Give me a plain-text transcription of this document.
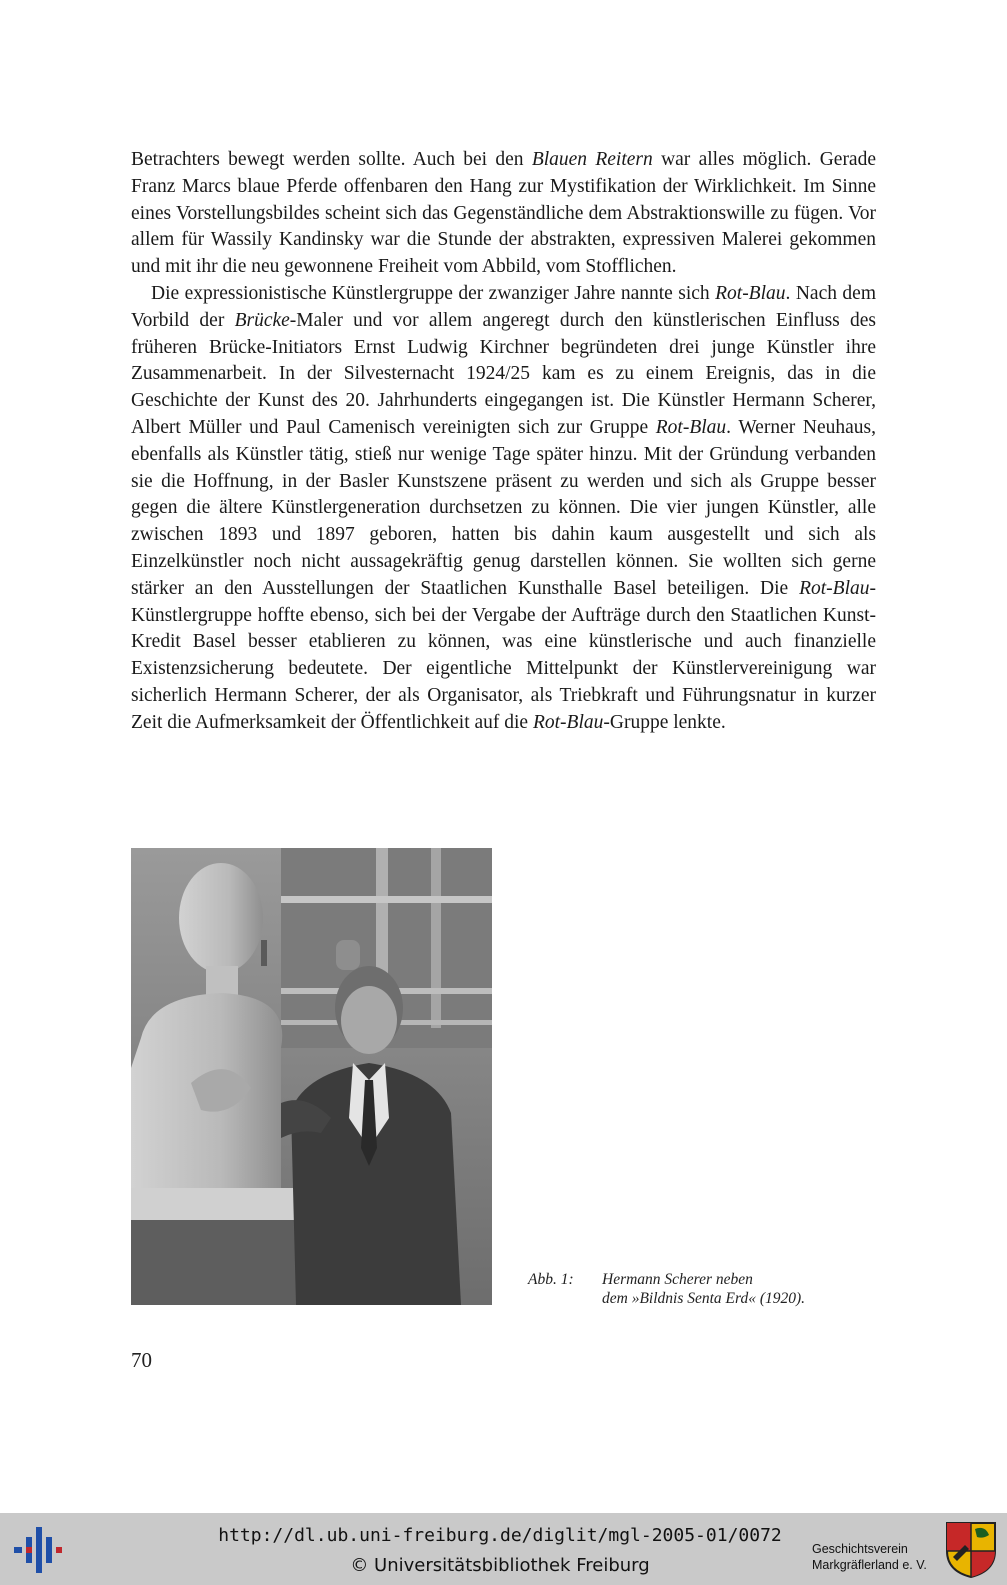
Betrachters bewegt werden sollte. Auch bei den Blauen Reitern war alles möglich. Gerade Franz Marcs blaue Pferde offenbaren den Hang zur Mystifikation der Wirklichkeit. Im Sinne eines Vorstellungsbildes scheint sich das Gegenständliche dem Abstraktionswille zu fügen. Vor allem für Wassily Kandinsky war die Stunde der abstrakten, expressiven Malerei gekommen und mit ihr die neu gewonnene Freiheit vom Abbild, vom Stofflichen.

Die expressionistische Künstlergruppe der zwanziger Jahre nannte sich Rot-Blau. Nach dem Vorbild der Brücke-Maler und vor allem angeregt durch den künstlerischen Einfluss des früheren Brücke-Initiators Ernst Ludwig Kirchner begründeten drei junge Künstler ihre Zusammenarbeit. In der Silvesternacht 1924/25 kam es zu einem Ereignis, das in die Geschichte der Kunst des 20. Jahrhunderts eingegangen ist. Die Künstler Hermann Scherer, Albert Müller und Paul Camenisch vereinigten sich zur Gruppe Rot-Blau. Werner Neuhaus, ebenfalls als Künstler tätig, stieß nur wenige Tage später hinzu. Mit der Gründung verbanden sie die Hoffnung, in der Basler Kunstszene präsent zu werden und sich als Gruppe besser gegen die ältere Künstlergeneration durchsetzen zu können. Die vier jungen Künstler, alle zwischen 1893 und 1897 geboren, hatten bis dahin kaum ausgestellt und sich als Einzelkünstler noch nicht aussagekräftig genug darstellen können. Sie wollten sich gerne stärker an den Ausstellungen der Staatlichen Kunsthalle Basel beteiligen. Die Rot-Blau-Künstlergruppe hoffte ebenso, sich bei der Vergabe der Aufträge durch den Staatlichen Kunst-Kredit Basel besser etablieren zu können, was eine künstlerische und auch finanzielle Existenzsicherung bedeutete. Der eigentliche Mittelpunkt der Künstlervereinigung war sicherlich Hermann Scherer, der als Organisator, als Triebkraft und Führungsnatur in kurzer Zeit die Aufmerksamkeit der Öffentlichkeit auf die Rot-Blau-Gruppe lenkte.

Abb. 1:	Hermann Scherer neben
dem »Bildnis Senta Erd« (1920).
70
http://dl.ub.uni-freiburg.de/diglit/mgl-2005-01/0072
© Universitätsbibliothek Freiburg
Geschichtsverein
Markgräflerland e. V.
